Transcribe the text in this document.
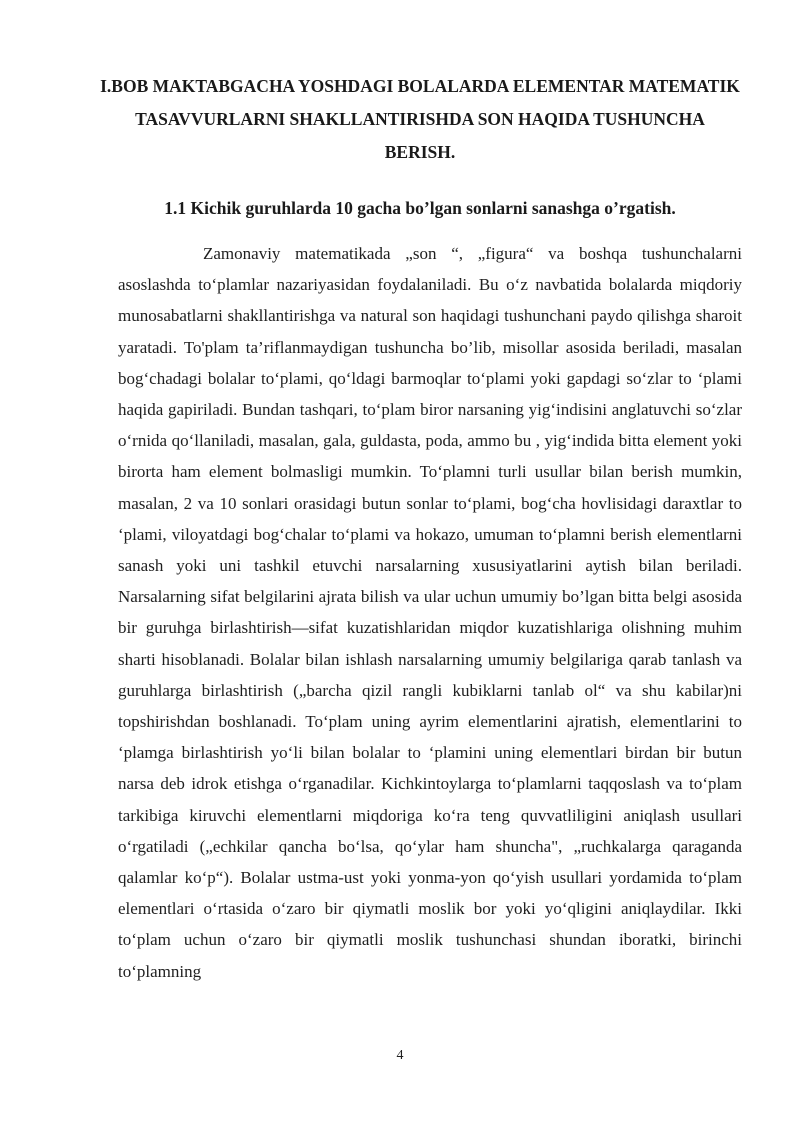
I.BOB MAKTABGACHA YOSHDAGI BOLALARDA ELEMENTAR MATEMATIK TASAVVURLARNI SHAKLLANTIRISHDA SON HAQIDA TUSHUNCHA BERISH.
1.1 Kichik guruhlarda 10 gacha bo’lgan sonlarni sanashga o’rgatish.

Zamonaviy matematikada „son “, „figura“ va boshqa tushunchalarni asoslashda to‘plamlar nazariyasidan foydalaniladi. Bu o‘z navbatida bolalarda miqdoriy munosabatlarni shakllantirishga va natural son haqidagi tushunchani paydo qilishga sharoit yaratadi. To'plam ta’riflanmaydigan tushuncha bo’lib, misollar asosida beriladi, masalan bog‘chadagi bolalar to‘plami, qo‘ldagi barmoqlar to‘plami yoki gapdagi so‘zlar to ‘plami haqida gapiriladi. Bundan tashqari, to‘plam biror narsaning yig‘indisini anglatuvchi so‘zlar o‘rnida qo‘llaniladi, masalan, gala, guldasta, poda, ammo bu , yig‘indida bitta element yoki birorta ham element bolmasligi mumkin. To‘plamni turli usullar bilan berish mumkin, masalan, 2 va 10 sonlari orasidagi butun sonlar to‘plami, bog‘cha hovlisidagi daraxtlar to ‘plami, viloyatdagi bog‘chalar to‘plami va hokazo, umuman to‘plamni berish elementlarni sanash yoki uni tashkil etuvchi narsalarning xususiyatlarini aytish bilan beriladi. Narsalarning sifat belgilarini ajrata bilish va ular uchun umumiy bo’lgan bitta belgi asosida bir guruhga birlashtirish—sifat kuzatishlaridan miqdor kuzatishlariga olishning muhim sharti hisoblanadi. Bolalar bilan ishlash narsalarning umumiy belgilariga qarab tanlash va guruhlarga birlashtirish („barcha qizil rangli kubiklarni tanlab ol“ va shu kabilar)ni topshirishdan boshlanadi. To‘plam uning ayrim elementlarini ajratish, elementlarini to ‘plamga birlashtirish yo‘li bilan bolalar to ‘plamini uning elementlari birdan bir butun narsa deb idrok etishga o‘rganadilar. Kichkintoylarga to‘plamlarni taqqoslash va to‘plam tarkibiga kiruvchi elementlarni miqdoriga ko‘ra teng quvvatliligini aniqlash usullari o‘rgatiladi („echkilar qancha bo‘lsa, qo‘ylar ham shuncha", „ruchkalarga qaraganda qalamlar ko‘p“). Bolalar ustma-ust yoki yonma-yon qo‘yish usullari yordamida to‘plam elementlari o‘rtasida o‘zaro bir qiymatli moslik bor yoki yo‘qligini aniqlaydilar. Ikki to‘plam uchun o‘zaro bir qiymatli moslik tushunchasi shundan iboratki, birinchi to‘plamning

4
